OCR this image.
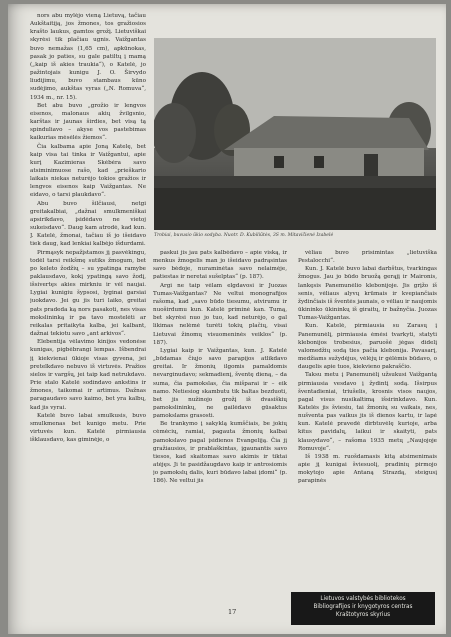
nors abu mylėjo vieną Lietuvą, tačiau Aukštaitiją, jos žmones, tos gražiosios krašto laukus, gamtos grožį. Lietuviškai skyrėsi tik plačiau ugnis. Vaižgantas buvo nemažas (1,65 cm), apkūnokas, pasak jo paties, su gale patiltų į mamą („kaip iš akies traukia“), o Katelė, jo pažintojais kunigu J. O. Širvydo liudijimu, buvo stambaus kūno sudėjimo, aukštas vyras („N. Romuva“, 1934 m., nr. 15).

Bet abu buvo „grožio ir lengvos eisenos, malonaus akių žvilgsnio, karštas ir jaunas širdies, bet visą tą spinduliavo – akyse vos pastebimas kaikurias mėsėlės žiemos“.

Čia kalbama apie Joną Katelę, bet kaip visa tai tinka ir Vaižgantui, apie kurį Kazimieras Skėbėra savo atsiminimuose rašo, kad „prieškario laikais niekas neturėjo tokios gražios ir lengvos eisenos kaip Vaižgantas. Ne eidavo, o tarsi plaukdavo“.

Abu buvo šilčiausi, netgi greitakalbiai, „dažnai smulkmeniškai apsirikdavo, įsidėdavo ne vietoj sukeisdavo“. Daug kam atrodė, kad kun. J. Katelė, žmonai, tačiau iš jo išeidavo tiek daug, kad lenkiai kalbėjo išdurdami.

Pirmąsyk nepažįstamos jį pasvėkingu, todėl tarsi reikšmę sutiks žmogum, bet po keleto žodžių – su ypatinga ramybe paklausdavo, kokį ypatingą savo žodį, išsivertęs akies mirkniu ir vėl naujai. Lygiai kunigiu šypsosi, lyginai garsiai juokdavo. Jei gu jis turi laiko, greitai pats pradeda ką nors pasakoti, nes visas mokslininką ir pa tavo mostelėti ar reikalas pritaikyta kalba, jei kalbant, dažnai tekiotu savo „ant arkivos“.

Elebentija vėlavimo kinijos vedonėse kunigas, pigbėbrangi lempas. Išbendrai jį kiekvienai ūkioje visas gyvena, jei pretelkdavo nebuvo iš virtuvės. Pražios sielos ir vargšų, jei taip kad netrukdavo. Prie stalo Katelė sodindavo ankstins ir žmones, taikomai ir artimus. Dažnas paragaudavo savo kaimo, bet yra kalbų, kad jis vyrai.

Katelė buvo labai smulkusis, buvo smulkmenas bet kunigo metu. Prie virtuvės kun. Katelė pirmiausia išklausdavo, kas giminėje, o

Trobiai, buvusio ūkio sodyba. Nuotr. D. Kubiliūtės, 3S m. Mitavičienė Izabelė

paskui jis jau pats kalbėdavo – apie viską, ir menkus žmogelis man jo išeidavo padrąsintas savo bėdoje, nuraminėtas savo nelaimėje, patiestas ir neretai sušelptas“ (p. 187).

Argi ne taip vėlam elgdavosi ir Juozas Tumas-Vaižgantas? Ne veltui monografijos rašoma, kad „savo būdo tiesumu, atvirumu ir nuoširdumu kun. Katelė priminė kan. Tumą, bet skyrėsi nuo jo tuo, kad neturėjo, o gal likimas nelėmė turėti tokių plačių, visai Lietuvai žinomų visuomeninės veiklos“ (p. 187).

Lygiai kaip ir Vaižgantas, kun. J. Katelė „būdamas čiųjo savo parapijos atlikdavo greitai. Ir žmonių ilgomis pamaldomis nevarginudavo; sekmadienį, šventę dieną, – da suma, čia pamokslas, čia mišparai ir – eik namo. Netiesiog skambutu tik baltas bezduoti, bet jis nužinojo grožį iš dvasiškių pamokslininkų, ne gailėdavo gūsaktus pamokslams grasosti.

Be trankymo į sakyklą kumščiais, be jokių cėmėcių, ramiai, pagauta žmonių kalbai pamokslavo pagal įsidienos Evangeliją. Čia jį gražiausios, ir prablaškintas, įgaunantis savo tiesos, kad skaitomas savo akimis ir tiktai atėjęs. Ji te pasidžaugdavo kaip ir antrosiomis jo pamokslų dalis, kuri būdavo labai įdomi“ (p. 186). Ne veltui jis

vėliau buvo prisimintas „lietuviška Pestalocchi“.

Kun. J. Katelė buvo labai darbštus, tvarkingas žmogus. Jau jo būdo bruožą gerąjį ir Maironis, lankęsis Panemunėlio klebonijoje. Jis grįžo iš senis, vėliaus alyvų krūmais ir kvepiančiais žydinčiais iš šventės jaunais, o vėliau ir naujomis ūkininko ūkininkų iš giraitų, ir bažnyčia. Juozas Tumas-Vaižgantas.

Kun. Katelė, pirmiausia su Zarasų į Panemunėlį, pirmiausia ėmėsi tvarkyti, statyti klebonijos trobesius, paruošė jėgas didelį valomedžių sodą ties pačia klebonija. Pavasarį, medžiams sužydėjus, vėlėjų ir gėlėmis būdavo, o daugelis apie tuos, kiekvieno pakraščio.

Taksu metu į Panemunėlį užsukusi Vaižgantą pirmiausia vesdavo į žydintį sodą. Išsirpus šventadieniai, triušelis, krosnis visos naujos, pagal visus nusikaltimą išsirinkdavo. Kun. Katelės jis šviesiu, tai žmonių su vaikais, nes, nušventa pas vaikus jis iš dienos kartu, ir lapė kun. Katelė pravedė dirbtuvėlę kurioje, arba kitus pavidalų, laikui ir skaityti, pats klausydavo“, – rašoma 1935 metų „Naujojoje Romuvoje“.

Iš 1938 m. ruošdamasis kitą atsimenimais apie jį kunigai šviesuolį, pradinių pirmojo mokytojo apie Antaną Strazdą, steigusį parapinės

17
Lietuvos valstybės bibliotekos
Bibliografijos ir knygotyros centras
Kraštotyros skyrius
